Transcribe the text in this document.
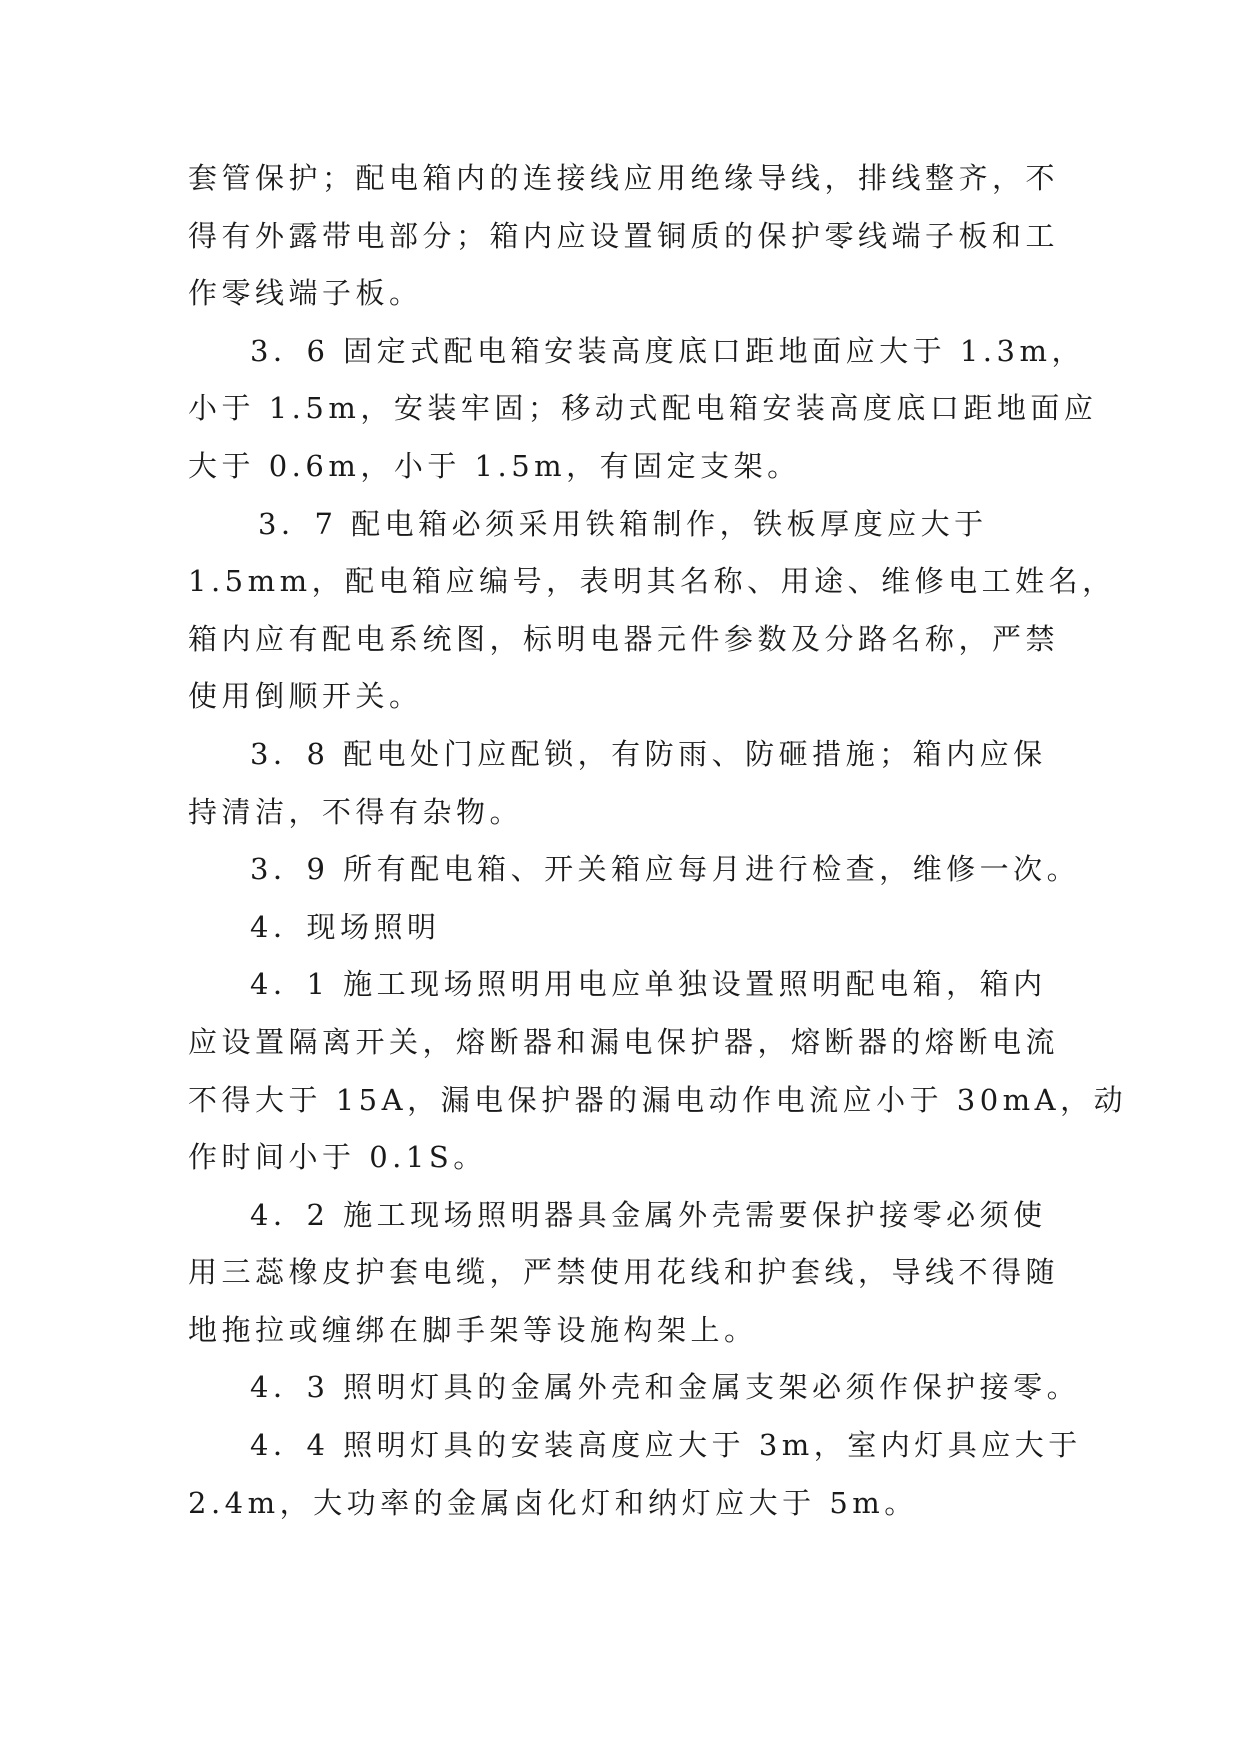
套管保护；配电箱内的连接线应用绝缘导线，排线整齐，不
得有外露带电部分；箱内应设置铜质的保护零线端子板和工
作零线端子板。
3．6 固定式配电箱安装高度底口距地面应大于 1.3m，
小于 1.5m，安装牢固；移动式配电箱安装高度底口距地面应
大于 0.6m，小于 1.5m，有固定支架。
3．7 配电箱必须采用铁箱制作，铁板厚度应大于
1.5mm，配电箱应编号，表明其名称、用途、维修电工姓名，
箱内应有配电系统图，标明电器元件参数及分路名称，严禁
使用倒顺开关。
3．8 配电处门应配锁，有防雨、防砸措施；箱内应保
持清洁，不得有杂物。
3．9 所有配电箱、开关箱应每月进行检查，维修一次。
4．现场照明
4．1 施工现场照明用电应单独设置照明配电箱，箱内
应设置隔离开关，熔断器和漏电保护器，熔断器的熔断电流
不得大于 15A，漏电保护器的漏电动作电流应小于 30mA，动
作时间小于 0.1S。
4．2 施工现场照明器具金属外壳需要保护接零必须使
用三蕊橡皮护套电缆，严禁使用花线和护套线，导线不得随
地拖拉或缠绑在脚手架等设施构架上。
4．3 照明灯具的金属外壳和金属支架必须作保护接零。
4．4 照明灯具的安装高度应大于 3m，室内灯具应大于
2.4m，大功率的金属卤化灯和纳灯应大于 5m。
